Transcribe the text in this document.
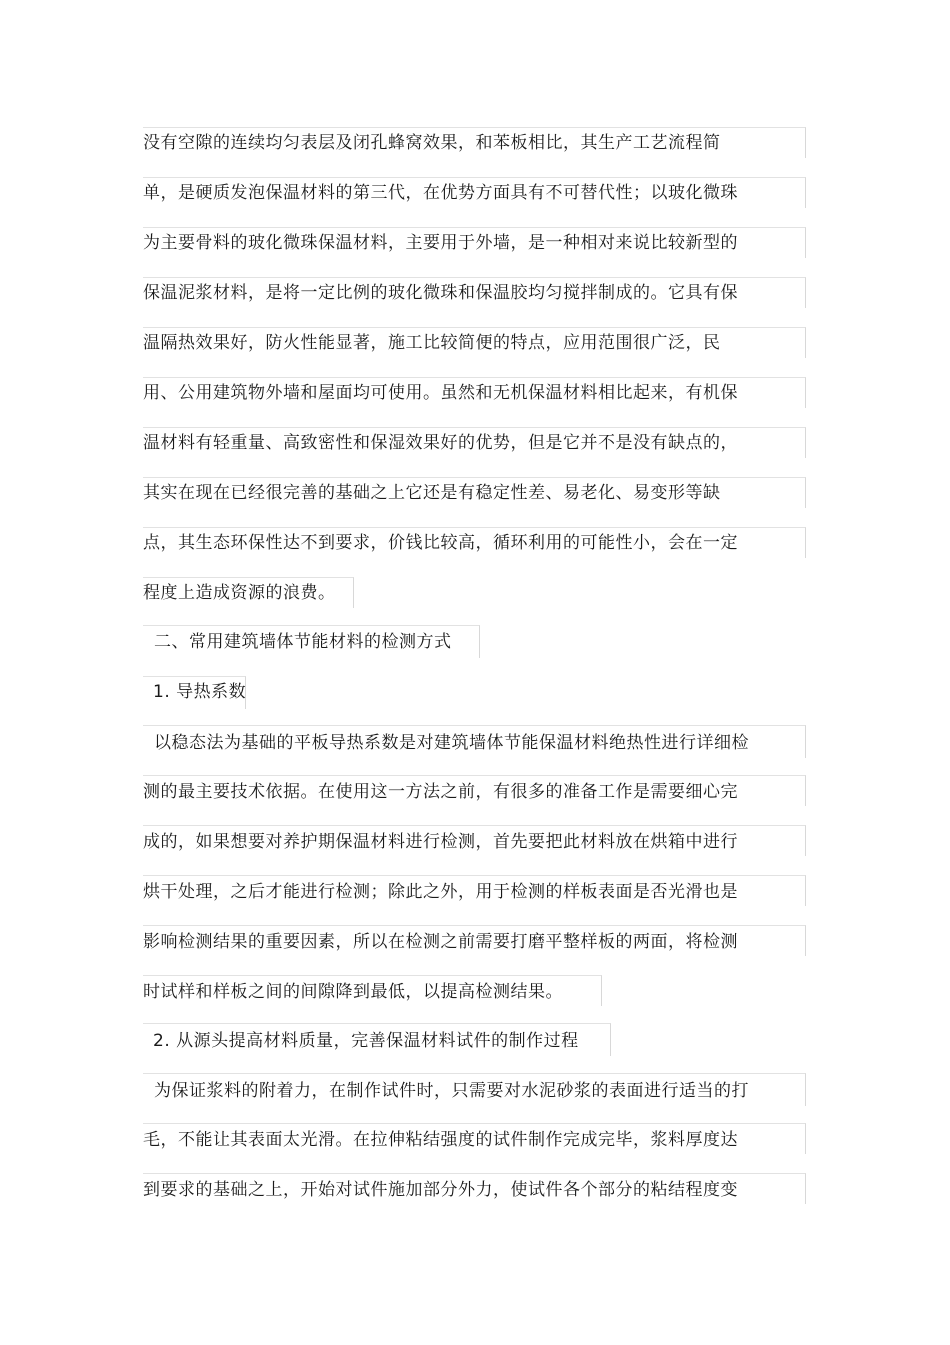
没有空隙的连续均匀表层及闭孔蜂窝效果，和苯板相比，其生产工艺流程简
单，是硬质发泡保温材料的第三代，在优势方面具有不可替代性；以玻化微珠
为主要骨料的玻化微珠保温材料，主要用于外墙，是一种相对来说比较新型的
保温泥浆材料，是将一定比例的玻化微珠和保温胶均匀搅拌制成的。它具有保
温隔热效果好，防火性能显著，施工比较简便的特点，应用范围很广泛，民
用、公用建筑物外墙和屋面均可使用。虽然和无机保温材料相比起来，有机保
温材料有轻重量、高致密性和保湿效果好的优势，但是它并不是没有缺点的，
其实在现在已经很完善的基础之上它还是有稳定性差、易老化、易变形等缺
点，其生态环保性达不到要求，价钱比较高，循环利用的可能性小，会在一定
程度上造成资源的浪费。
二、常用建筑墙体节能材料的检测方式
1. 导热系数
以稳态法为基础的平板导热系数是对建筑墙体节能保温材料绝热性进行详细检
测的最主要技术依据。在使用这一方法之前，有很多的准备工作是需要细心完
成的，如果想要对养护期保温材料进行检测，首先要把此材料放在烘箱中进行
烘干处理，之后才能进行检测；除此之外，用于检测的样板表面是否光滑也是
影响检测结果的重要因素，所以在检测之前需要打磨平整样板的两面，将检测
时试样和样板之间的间隙降到最低，以提高检测结果。
2. 从源头提高材料质量，完善保温材料试件的制作过程
为保证浆料的附着力，在制作试件时，只需要对水泥砂浆的表面进行适当的打
毛，不能让其表面太光滑。在拉伸粘结强度的试件制作完成完毕，浆料厚度达
到要求的基础之上，开始对试件施加部分外力，使试件各个部分的粘结程度变
